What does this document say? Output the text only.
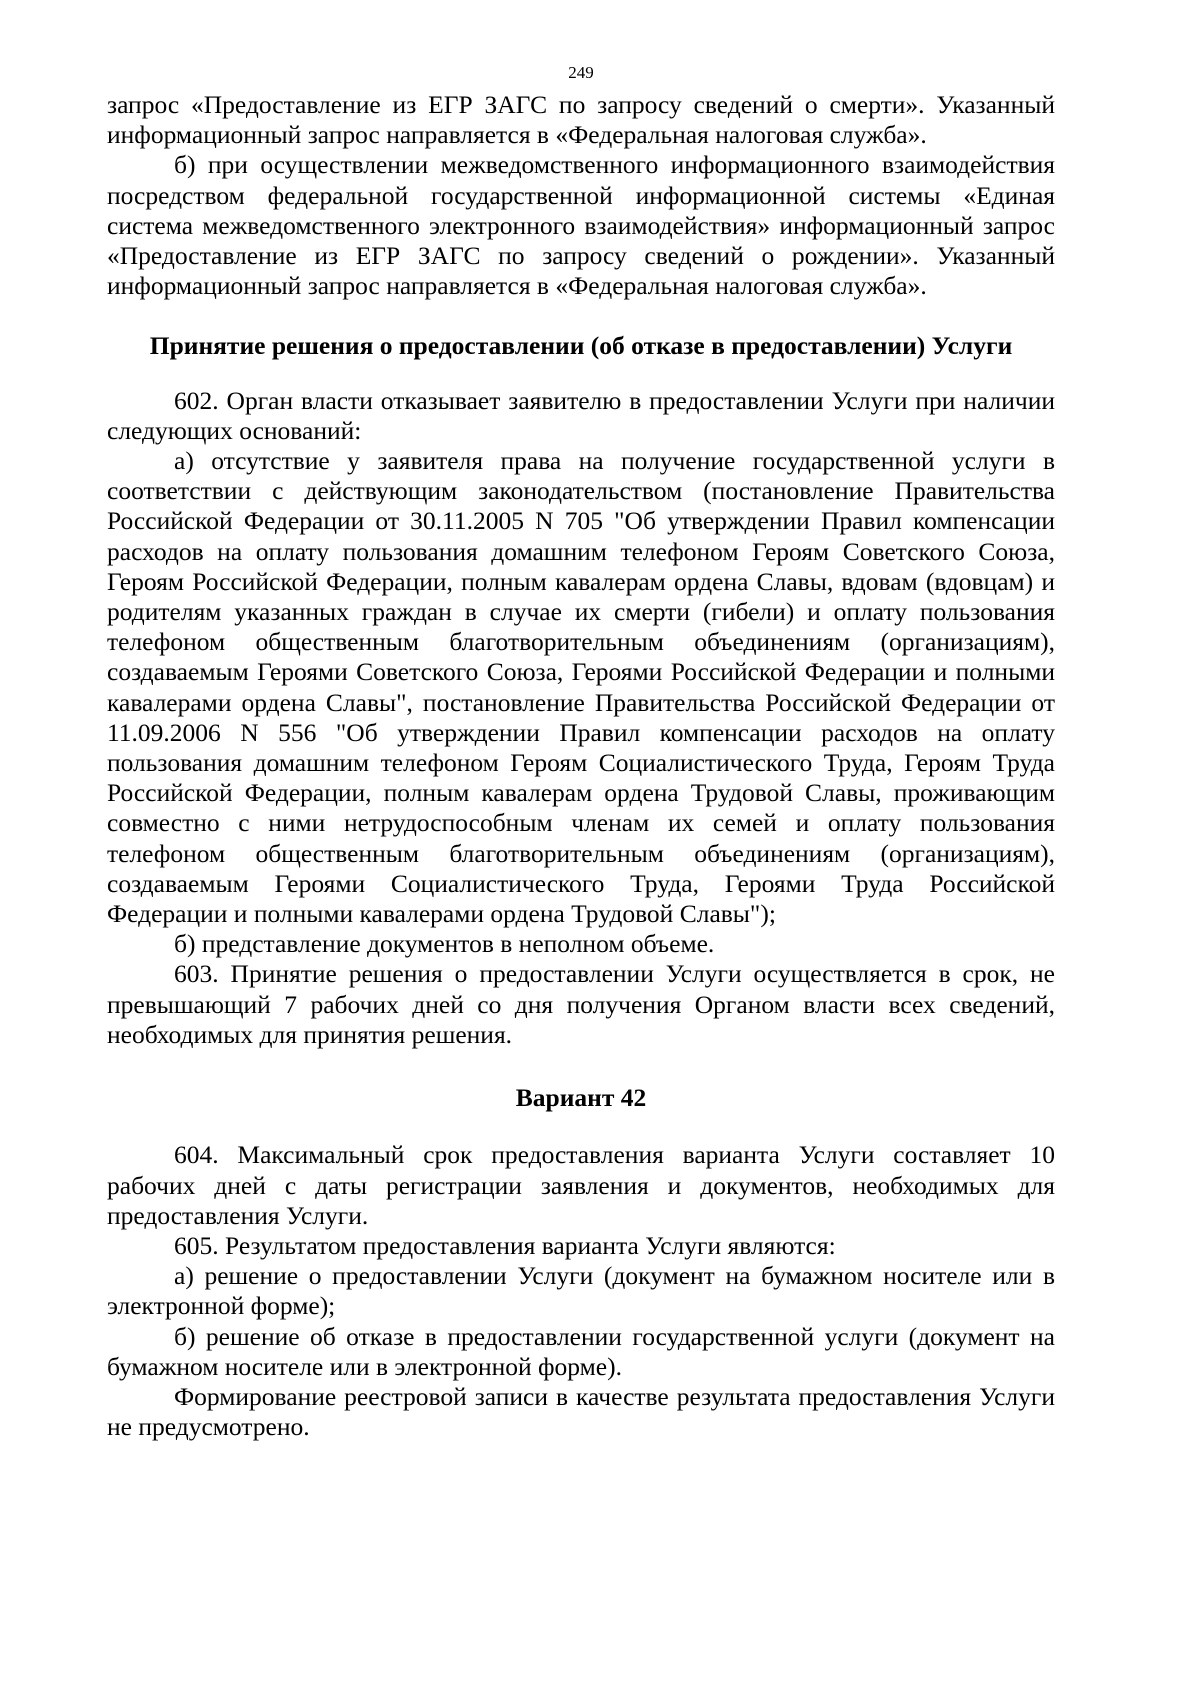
249

запрос «Предоставление из ЕГР ЗАГС по запросу сведений о смерти». Указанный информационный запрос направляется в «Федеральная налоговая служба».

б) при осуществлении межведомственного информационного взаимодействия посредством федеральной государственной информационной системы «Единая система межведомственного электронного взаимодействия» информационный запрос «Предоставление из ЕГР ЗАГС по запросу сведений о рождении». Указанный информационный запрос направляется в «Федеральная налоговая служба».

Принятие решения о предоставлении (об отказе в предоставлении) Услуги

602. Орган власти отказывает заявителю в предоставлении Услуги при наличии следующих оснований:

а) отсутствие у заявителя права на получение государственной услуги в соответствии с действующим законодательством (постановление Правительства Российской Федерации от 30.11.2005 N 705 "Об утверждении Правил компенсации расходов на оплату пользования домашним телефоном Героям Советского Союза, Героям Российской Федерации, полным кавалерам ордена Славы, вдовам (вдовцам) и родителям указанных граждан в случае их смерти (гибели) и оплату пользования телефоном общественным благотворительным объединениям (организациям), создаваемым Героями Советского Союза, Героями Российской Федерации и полными кавалерами ордена Славы", постановление Правительства Российской Федерации от 11.09.2006 N 556 "Об утверждении Правил компенсации расходов на оплату пользования домашним телефоном Героям Социалистического Труда, Героям Труда Российской Федерации, полным кавалерам ордена Трудовой Славы, проживающим совместно с ними нетрудоспособным членам их семей и оплату пользования телефоном общественным благотворительным объединениям (организациям), создаваемым Героями Социалистического Труда, Героями Труда Российской Федерации и полными кавалерами ордена Трудовой Славы");

б) представление документов в неполном объеме.

603. Принятие решения о предоставлении Услуги осуществляется в срок, не превышающий 7 рабочих дней со дня получения Органом власти всех сведений, необходимых для принятия решения.

Вариант 42

604. Максимальный срок предоставления варианта Услуги составляет 10 рабочих дней с даты регистрации заявления и документов, необходимых для предоставления Услуги.

605. Результатом предоставления варианта Услуги являются:

а) решение о предоставлении Услуги (документ на бумажном носителе или в электронной форме);

б) решение об отказе в предоставлении государственной услуги (документ на бумажном носителе или в электронной форме).

Формирование реестровой записи в качестве результата предоставления Услуги не предусмотрено.
